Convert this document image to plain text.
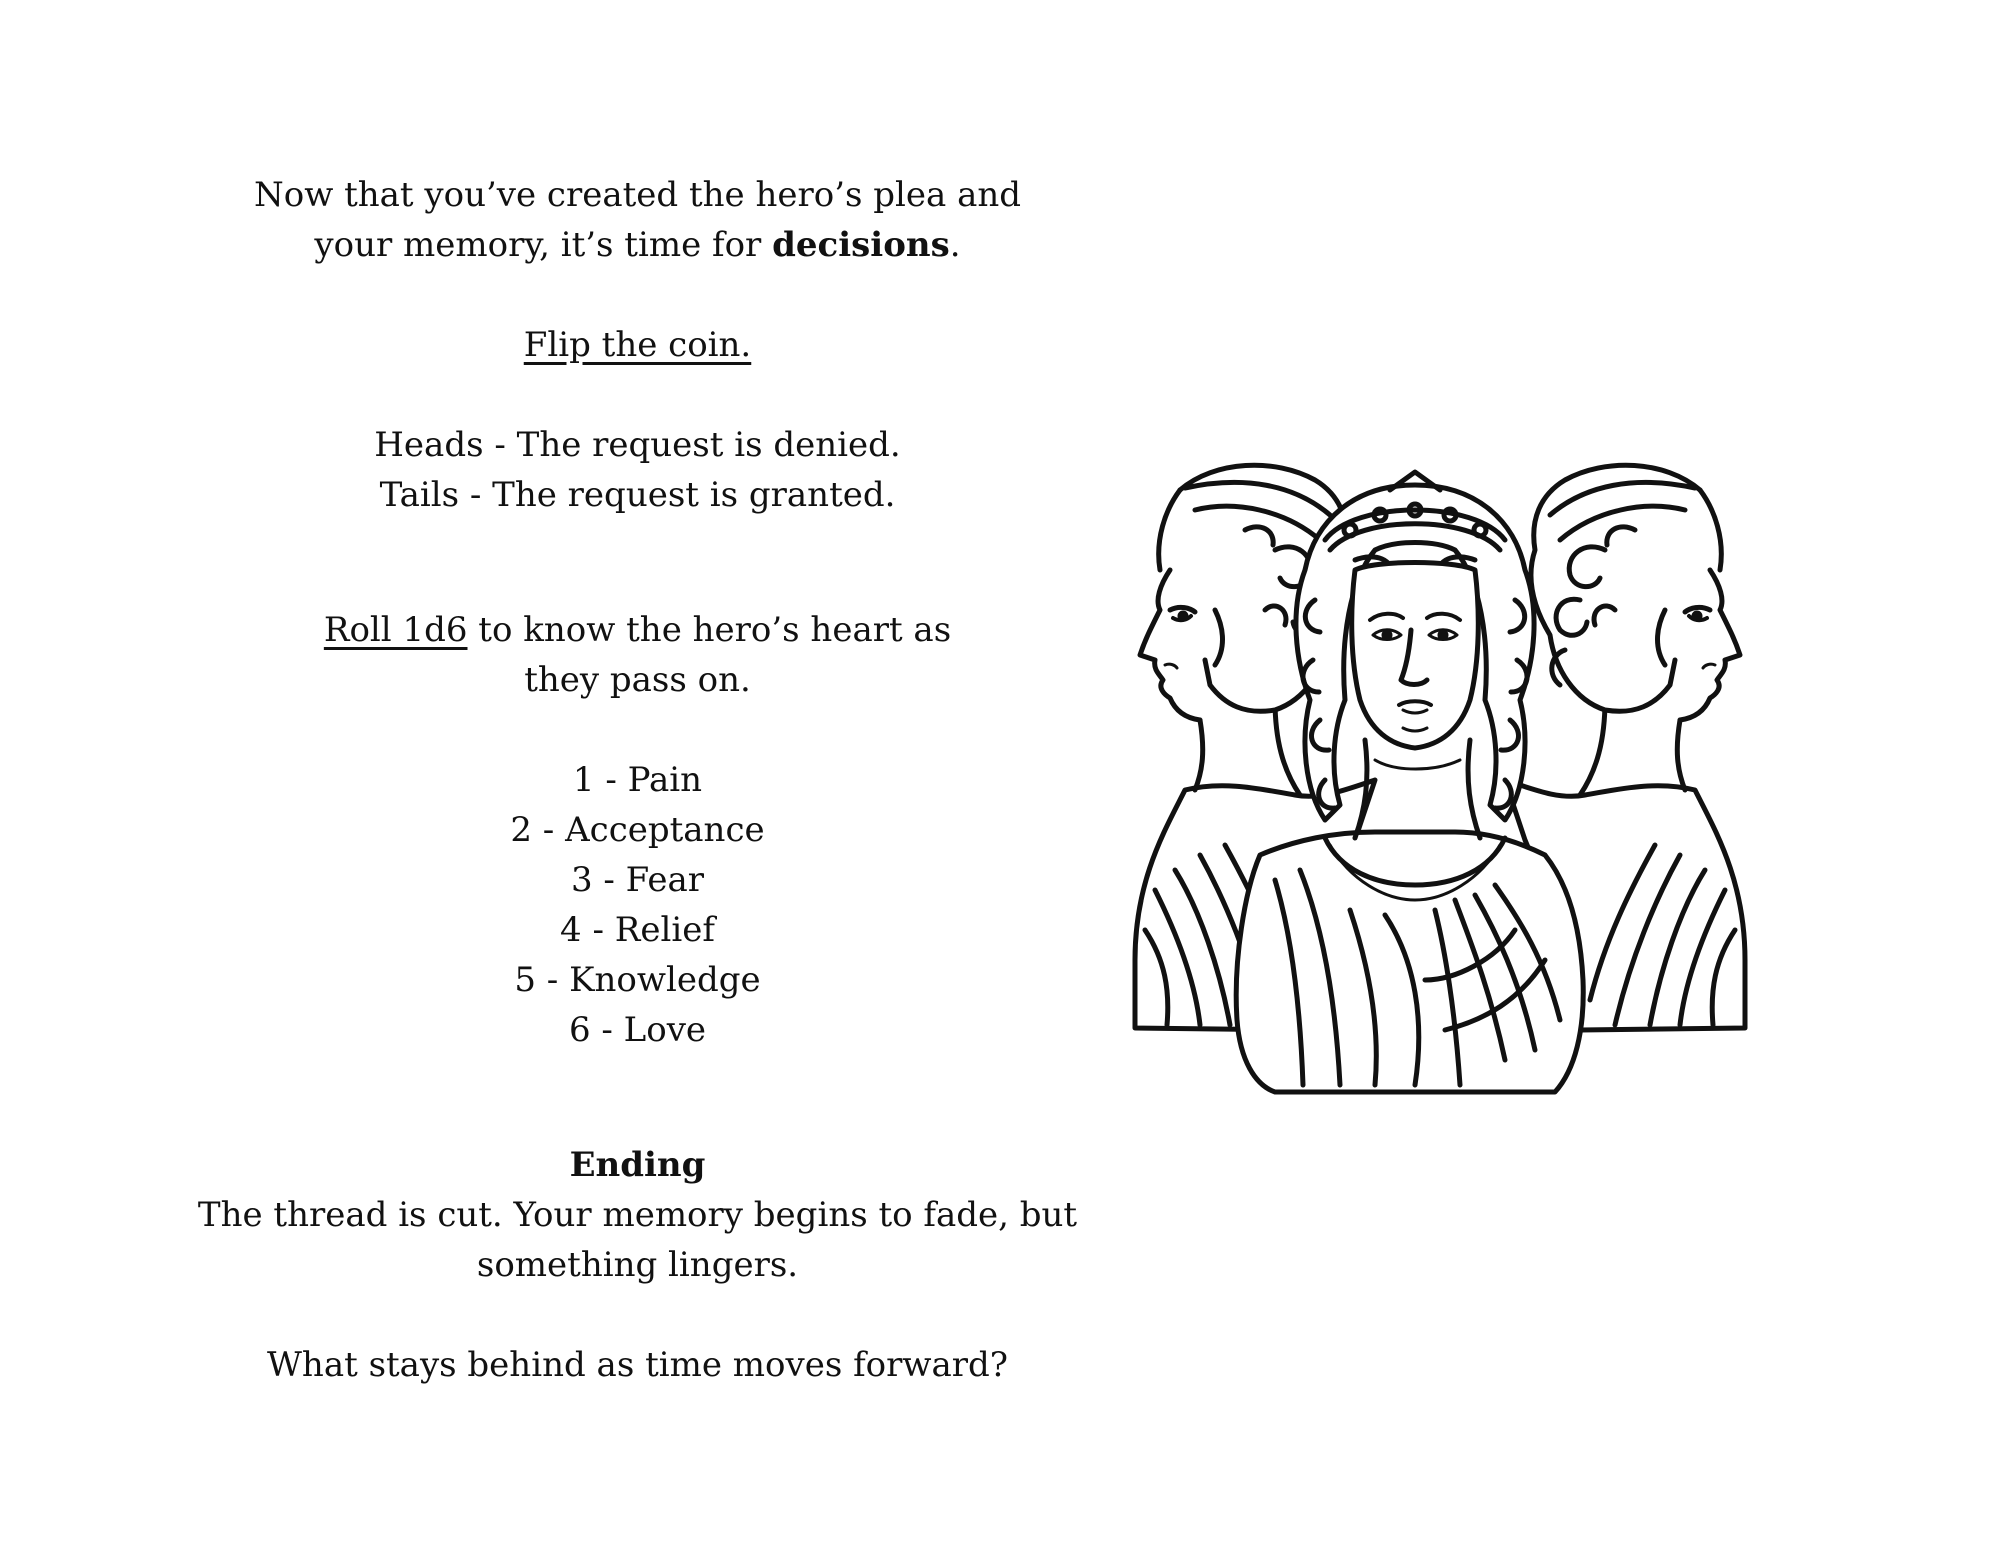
Now that you’ve created the hero’s plea and

your memory, it’s time for decisions.

Flip the coin.

Heads - The request is denied.

Tails - The request is granted.

Roll 1d6 to know the hero’s heart as

they pass on.

1 - Pain

2 - Acceptance

3 - Fear

4 - Relief

5 - Knowledge

6 - Love

Ending

The thread is cut. Your memory begins to fade, but

something lingers.

What stays behind as time moves forward?
